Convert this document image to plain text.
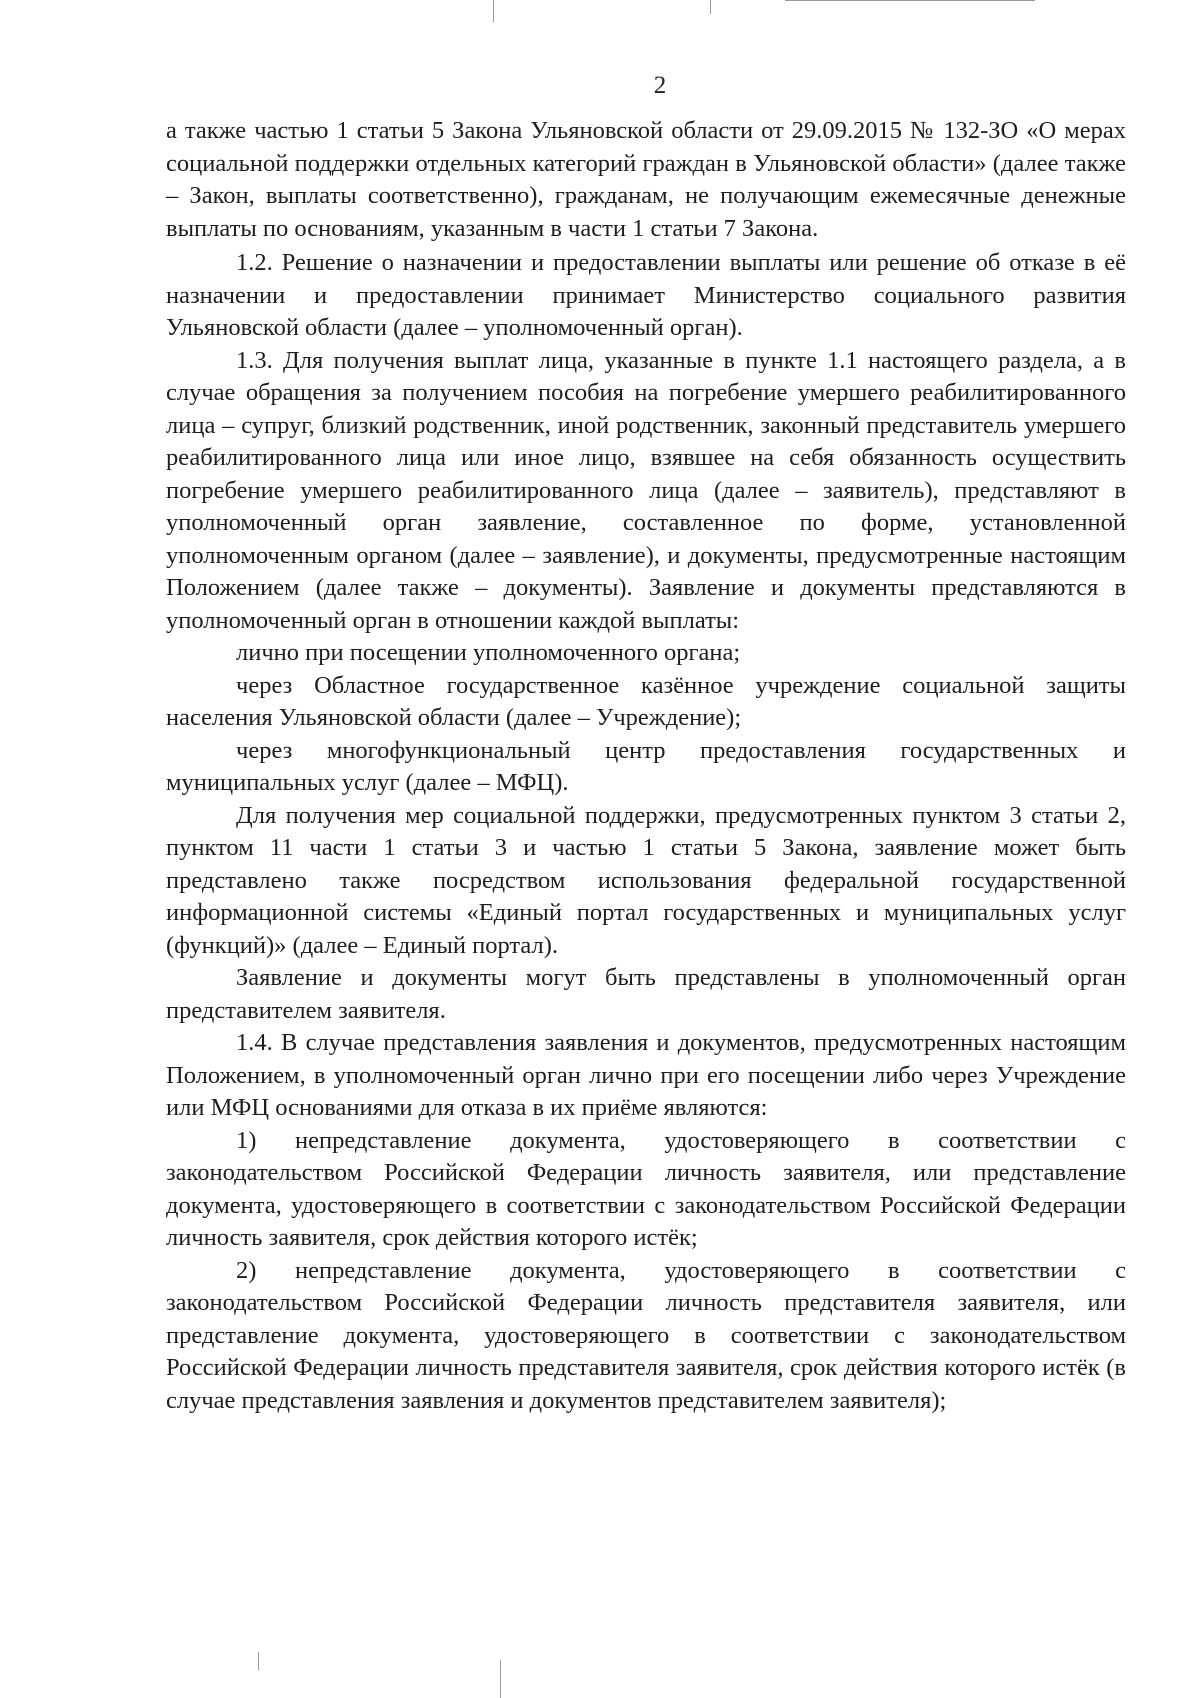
2

а также частью 1 статьи 5 Закона Ульяновской области от 29.09.2015 № 132-ЗО «О мерах социальной поддержки отдельных категорий граждан в Ульяновской области» (далее также – Закон, выплаты соответственно), гражданам, не получающим ежемесячные денежные выплаты по основаниям, указанным в части 1 статьи 7 Закона.

1.2. Решение о назначении и предоставлении выплаты или решение об отказе в её назначении и предоставлении принимает Министерство социального развития Ульяновской области (далее – уполномоченный орган).

1.3. Для получения выплат лица, указанные в пункте 1.1 настоящего раздела, а в случае обращения за получением пособия на погребение умершего реабилитированного лица – супруг, близкий родственник, иной родственник, законный представитель умершего реабилитированного лица или иное лицо, взявшее на себя обязанность осуществить погребение умершего реабилитированного лица (далее – заявитель), представляют в уполномоченный орган заявление, составленное по форме, установленной уполномоченным органом (далее – заявление), и документы, предусмотренные настоящим Положением (далее также – документы). Заявление и документы представляются в уполномоченный орган в отношении каждой выплаты:

лично при посещении уполномоченного органа;

через Областное государственное казённое учреждение социальной защиты населения Ульяновской области (далее – Учреждение);

через многофункциональный центр предоставления государственных и муниципальных услуг (далее – МФЦ).

Для получения мер социальной поддержки, предусмотренных пунктом 3 статьи 2, пунктом 11 части 1 статьи 3 и частью 1 статьи 5 Закона, заявление может быть представлено также посредством использования федеральной государственной информационной системы «Единый портал государственных и муниципальных услуг (функций)» (далее – Единый портал).

Заявление и документы могут быть представлены в уполномоченный орган представителем заявителя.

1.4. В случае представления заявления и документов, предусмотренных настоящим Положением, в уполномоченный орган лично при его посещении либо через Учреждение или МФЦ основаниями для отказа в их приёме являются:

1) непредставление документа, удостоверяющего в соответствии с законодательством Российской Федерации личность заявителя, или представление документа, удостоверяющего в соответствии с законодательством Российской Федерации личность заявителя, срок действия которого истёк;

2) непредставление документа, удостоверяющего в соответствии с законодательством Российской Федерации личность представителя заявителя, или представление документа, удостоверяющего в соответствии с законодательством Российской Федерации личность представителя заявителя, срок действия которого истёк (в случае представления заявления и документов представителем заявителя);
